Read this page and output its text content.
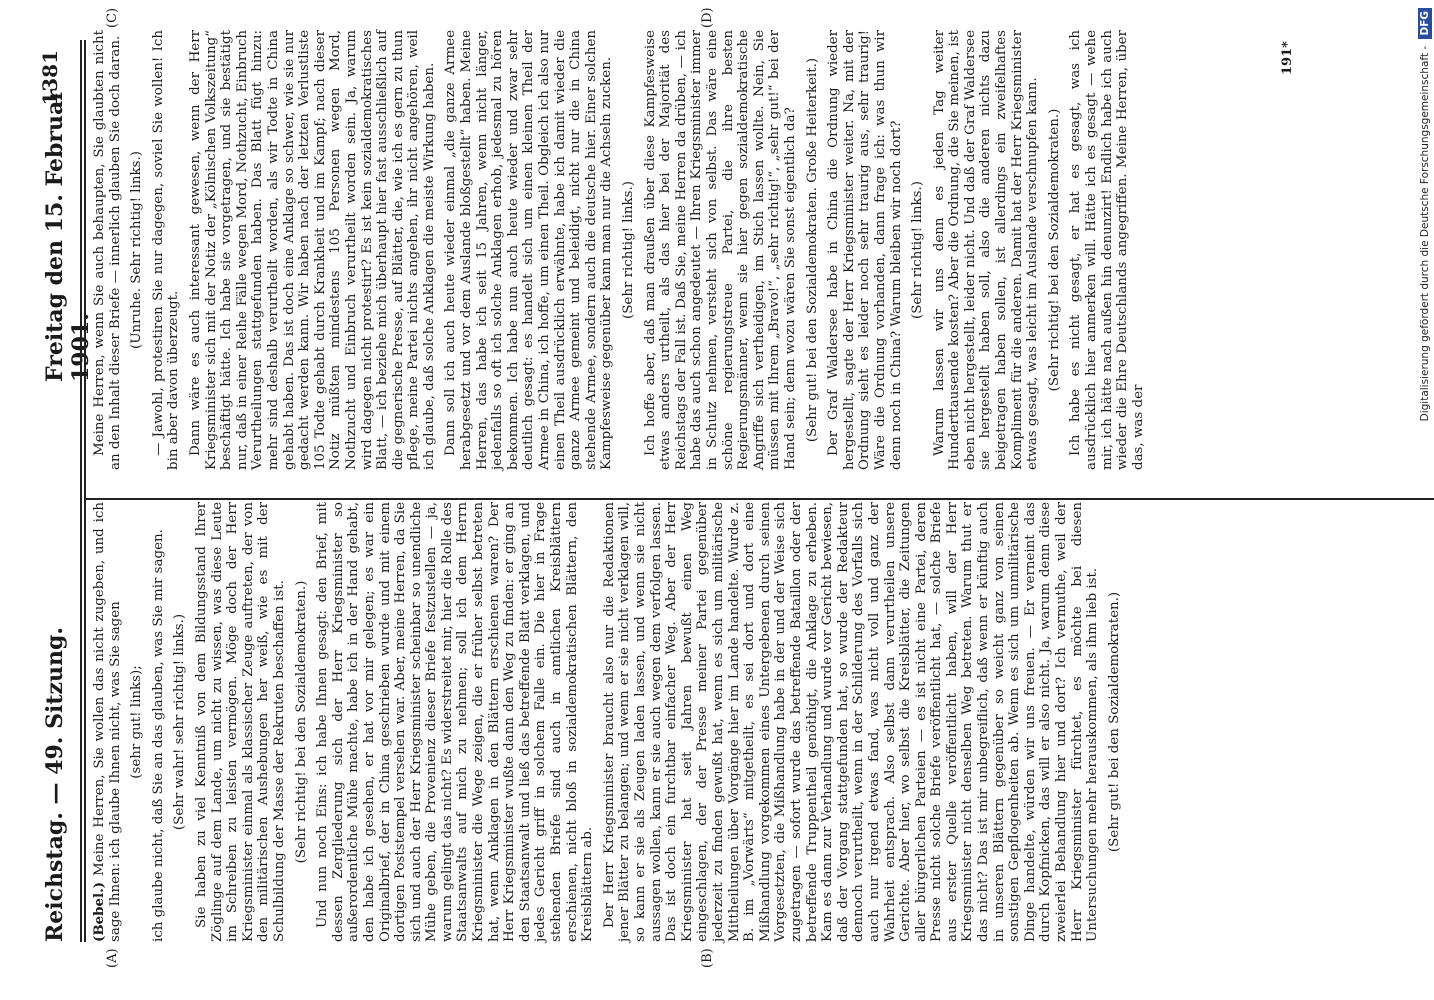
Reichstag. — 49. Sitzung.
Freitag den 15. Februar 1901.
1381
(A)	(B)
(C)	(D)

(Bebel.) Meine Herren, Sie wollen das nicht zugeben, und ich sage Ihnen: ich glaube Ihnen nicht, was Sie sagen (sehr gut! links); ich glaube nicht, daß Sie an das glauben, was Sie mir sagen. (Sehr wahr! sehr richtig! links.) Sie haben zu viel Kenntniß von dem Bildungsstand Ihrer Zöglinge auf dem Lande, um nicht zu wissen, was diese Leute im Schreiben zu leisten vermögen. Möge doch der Herr Kriegsminister einmal als klassischer Zeuge auftreten, der von den militärischen Aushebungen her weiß, wie es mit der Schulbildung der Masse der Rekruten beschaffen ist. (Sehr richtig! bei den Sozialdemokraten.) Und nun noch Eins: ich habe Ihnen gesagt: den Brief, mit dessen Zergliederung sich der Herr Kriegsminister so außerordentliche Mühe machte, habe ich in der Hand gehabt, den habe ich gesehen, er hat vor mir gelegen; es war ein Originalbrief, der in China geschrieben wurde und mit einem dortigen Poststempel versehen war. Aber, meine Herren, da Sie sich und auch der Herr Kriegsminister scheinbar so unendliche Mühe geben, die Provenienz dieser Briefe festzustellen — ja, warum gelingt das nicht? Es widerstreitet mir, hier die Rolle des Staatsanwalts auf mich zu nehmen; soll ich dem Herrn Kriegsminister die Wege zeigen, die er früher selbst betreten hat, wenn Anklagen in den Blättern erschienen waren? Der Herr Kriegsminister wußte dann den Weg zu finden: er ging an den Staatsanwalt und ließ das betreffende Blatt verklagen, und jedes Gericht griff in solchem Falle ein. Die hier in Frage stehenden Briefe sind auch in amtlichen Kreisblättern erschienen, nicht bloß in sozialdemokratischen Blättern, den Kreisblättern ab. Der Herr Kriegsminister braucht also nur die Redaktionen jener Blätter zu belangen; und wenn er sie nicht verklagen will, so kann er sie als Zeugen laden lassen, und wenn sie nicht aussagen wollen, kann er sie auch wegen dem verfolgen lassen. Das ist doch ein furchtbar einfacher Weg. Aber der Herr Kriegsminister hat seit Jahren bewußt einen Weg eingeschlagen, der der Presse meiner Partei gegenüber jederzeit zu finden gewußt hat, wenn es sich um militärische Mittheilungen über Vorgänge hier im Lande handelte. Wurde z. B. im „Vorwärts“ mitgetheilt, es sei dort und dort eine Mißhandlung vorgekommen eines Untergebenen durch seinen Vorgesetzten, die Mißhandlung habe in der und der Weise sich zugetragen — sofort wurde das betreffende Bataillon oder der betreffende Truppentheil genöthigt, die Anklage zu erheben. Kam es dann zur Verhandlung und wurde vor Gericht bewiesen, daß der Vorgang stattgefunden hat, so wurde der Redakteur dennoch verurtheilt, wenn in der Schilderung des Vorfalls sich auch nur irgend etwas fand, was nicht voll und ganz der Wahrheit entsprach. Also selbst dann verurtheilen unsere Gerichte. Aber hier, wo selbst die Kreisblätter, die Zeitungen aller bürgerlichen Parteien — es ist nicht eine Partei, deren Presse nicht solche Briefe veröffentlicht hat, — solche Briefe aus erster Quelle veröffentlicht haben, will der Herr Kriegsminister nicht denselben Weg betreten. Warum thut er das nicht? Das ist mir unbegreiflich, daß wenn er künftig auch in unseren Blättern gegenüber so weicht ganz von seinen sonstigen Gepflogenheiten ab. Wenn es sich um unmilitärische Dinge handelte, würden wir uns freuen. — Er verneint das durch Kopfnicken, das will er also nicht. Ja, warum denn diese zweierlei Behandlung hier und dort? Ich vermuthe, weil der Herr Kriegsminister fürchtet, es möchte bei diesen Untersuchungen mehr herauskommen, als ihm lieb ist. (Sehr gut! bei den Sozialdemokraten.)

Meine Herren, wenn Sie auch behaupten, Sie glaubten nicht an den Inhalt dieser Briefe — innerlich glauben Sie doch daran. (Unruhe. Sehr richtig! links.) — Jawohl, protestiren Sie nur dagegen, soviel Sie wollen! Ich bin aber davon überzeugt. Dann wäre es auch interessant gewesen, wenn der Herr Kriegsminister sich mit der Notiz der „Kölnischen Volkszeitung“ beschäftigt hätte. Ich habe sie vorgetragen, und sie bestätigt nur, daß in einer Reihe Fälle wegen Mord, Nothzucht, Einbruch Verurtheilungen stattgefunden haben. Das Blatt fügt hinzu: mehr sind deshalb verurtheilt worden, als wir Todte in China gehabt haben. Das ist doch eine Anklage so schwer, wie sie nur gedacht werden kann. Wir haben nach der letzten Verlustliste 105 Todte gehabt durch Krankheit und im Kampf; nach dieser Notiz müßten mindestens 105 Personen wegen Mord, Nothzucht und Einbruch verurtheilt worden sein. Ja, warum wird dagegen nicht protestirt? Es ist kein sozialdemokratisches Blatt, — ich beziehe mich überhaupt hier fast ausschließlich auf die gegnerische Presse, auf Blätter, die, wie ich es gern zu thun pflege, meine Partei nichts angehen, ihr nicht angehören, weil ich glaube, daß solche Anklagen die meiste Wirkung haben. Dann soll ich auch heute wieder einmal „die ganze Armee herabgesetzt und vor dem Auslande bloßgestellt“ haben. Meine Herren, das habe ich seit 15 Jahren, wenn nicht länger, jedenfalls so oft ich solche Anklagen erhob, jedesmal zu hören bekommen. Ich habe nun auch heute wieder und zwar sehr deutlich gesagt: es handelt sich um einen kleinen Theil der Armee in China, ich hoffe, um einen Theil. Obgleich ich also nur einen Theil ausdrücklich erwähnte, habe ich damit wieder die ganze Armee gemeint und beleidigt, nicht nur die in China stehende Armee, sondern auch die deutsche hier. Einer solchen Kampfesweise gegenüber kann man nur die Achseln zucken. (Sehr richtig! links.) Ich hoffe aber, daß man draußen über diese Kampfesweise etwas anders urtheilt, als das hier bei der Majorität des Reichstags der Fall ist. Daß Sie, meine Herren da drüben, — ich habe das auch schon angedeutet — Ihren Kriegsminister immer in Schutz nehmen, versteht sich von selbst. Das wäre eine schöne regierungstreue Partei, die ihre besten Regierungsmänner, wenn sie hier gegen sozialdemokratische Angriffe sich vertheidigen, im Stich lassen wollte. Nein, Sie müssen mit Ihrem „Bravo!“, „sehr richtig!“, „sehr gut!“ bei der Hand sein; denn wozu wären Sie sonst eigentlich da? (Sehr gut! bei den Sozialdemokraten. Große Heiterkeit.) Der Graf Waldersee habe in China die Ordnung wieder hergestellt, sagte der Herr Kriegsminister weiter. Na, mit der Ordnung sieht es leider noch sehr traurig aus, sehr traurig! Wäre die Ordnung vorhanden, dann frage ich: was thun wir denn noch in China? Warum bleiben wir noch dort? (Sehr richtig! links.) Warum lassen wir uns denn es jeden Tag weiter Hunderttausende kosten? Aber die Ordnung, die Sie meinen, ist eben nicht hergestellt, leider nicht. Und daß der Graf Waldersee sie hergestellt haben soll, also die anderen nichts dazu beigetragen haben sollen, ist allerdings ein zweifelhaftes Kompliment für die anderen. Damit hat der Herr Kriegsminister etwas gesagt, was leicht im Auslande verschnupfen kann. (Sehr richtig! bei den Sozialdemokraten.) Ich habe es nicht gesagt, er hat es gesagt, was ich ausdrücklich hier anmerken will. Hätte ich es gesagt — wehe mir, ich hätte nach außen hin denunzirt! Endlich habe ich auch wieder die Ehre Deutschlands angegriffen. Meine Herren, über das, was der

191*	Digitalisierung gefördert durch die Deutsche Forschungsgemeinschaft - DFG
